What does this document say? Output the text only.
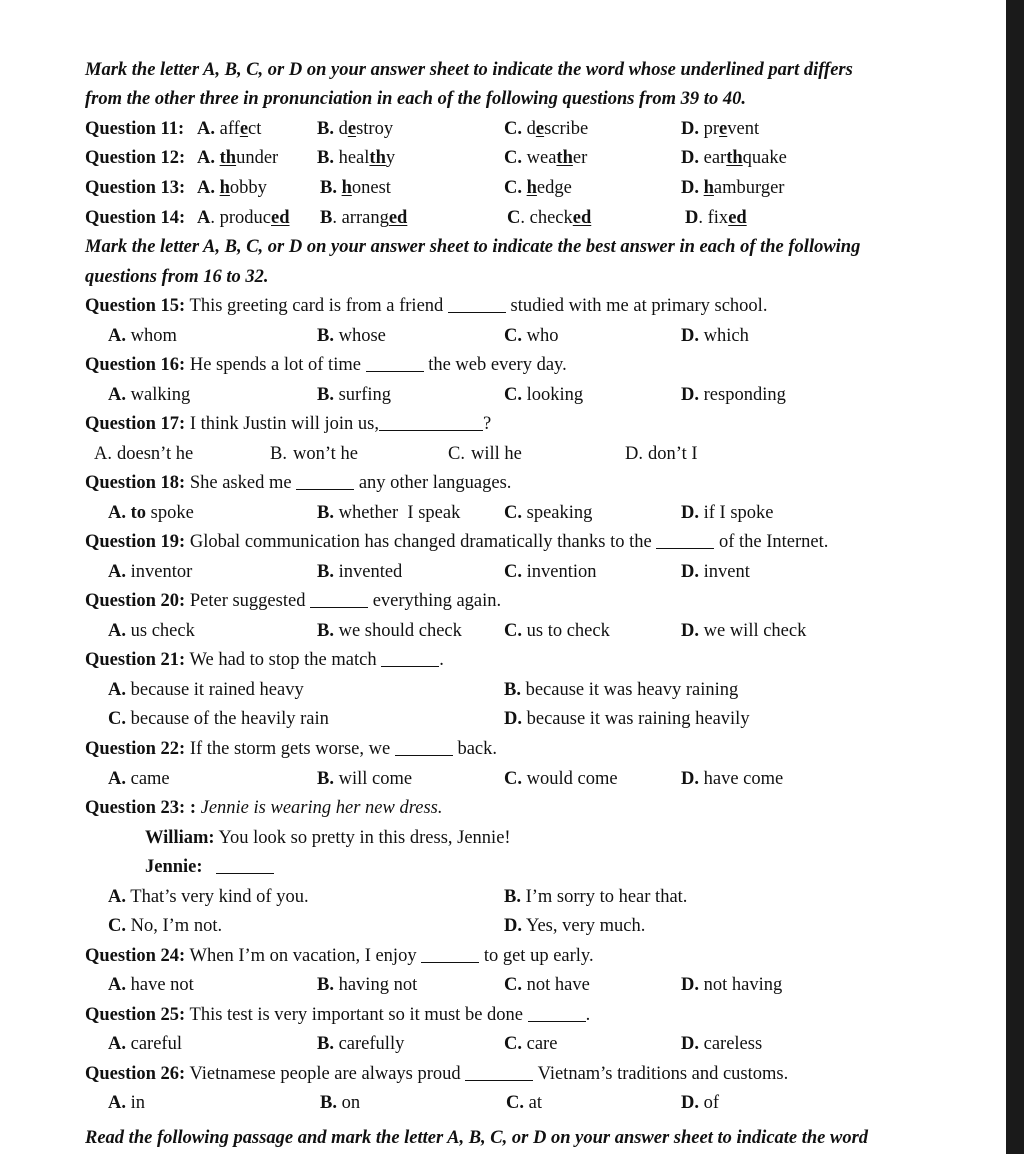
Mark the letter A, B, C, or D on your answer sheet to indicate the word whose underlined part differs
from the other three in pronunciation in each of the following questions from 39 to 40.
Question 11: A. affect	B. destroy	C. describe	D. prevent
Question 12: A. thunder B. healthy	C. weather	D. earthquake
Question 13: A. hobby	B. honest	C. hedge	D. hamburger
Question 14: A. produced B. arranged	C. checked	D. fixed
Mark the letter A, B, C, or D on your answer sheet to indicate the best answer in each of the following
questions from 16 to 32.
Question 15: This greeting card is from a friend	studied with me at primary school.
A. whom	B. whose	C. who	D. which
Question 16: He spends a lot of time	the web every day.
A. walking	B. surfing	C. looking	D. responding
Question 17: I think Justin will join us,	?
A. doesn’t he	B. won’t he	C. will he	D. don’t I
Question 18: She asked me	any other languages.
A. to spoke	B. whether  I speak C. speaking	D. if I spoke
Question 19: Global communication has changed dramatically thanks to the	of the Internet.
A. inventor	B. invented	C. invention	D. invent
Question 20: Peter suggested	everything again.
A. us check	B. we should check C. us to check	D. we will check
Question 21: We had to stop the match	.
A. because it rained heavy	B. because it was heavy raining
C. because of the heavily rain	D. because it was raining heavily
Question 22: If the storm gets worse, we	back.
A. came	B. will come	C. would come	D. have come
Question 23: : Jennie is wearing her new dress.
William: You look so pretty in this dress, Jennie!
Jennie:
A. That’s very kind of you.	B. I’m sorry to hear that.
C. No, I’m not.	D. Yes, very much.
Question 24: When I’m on vacation, I enjoy	to get up early.
A. have not	B. having not	C. not have	D. not having
Question 25: This test is very important so it must be done	.
A. careful	B. carefully	C. care	D. careless
Question 26: Vietnamese people are always proud	Vietnam’s traditions and customs.
A. in	B. on	C. at	D. of
Read the following passage and mark the letter A, B, C, or D on your answer sheet to indicate the word
